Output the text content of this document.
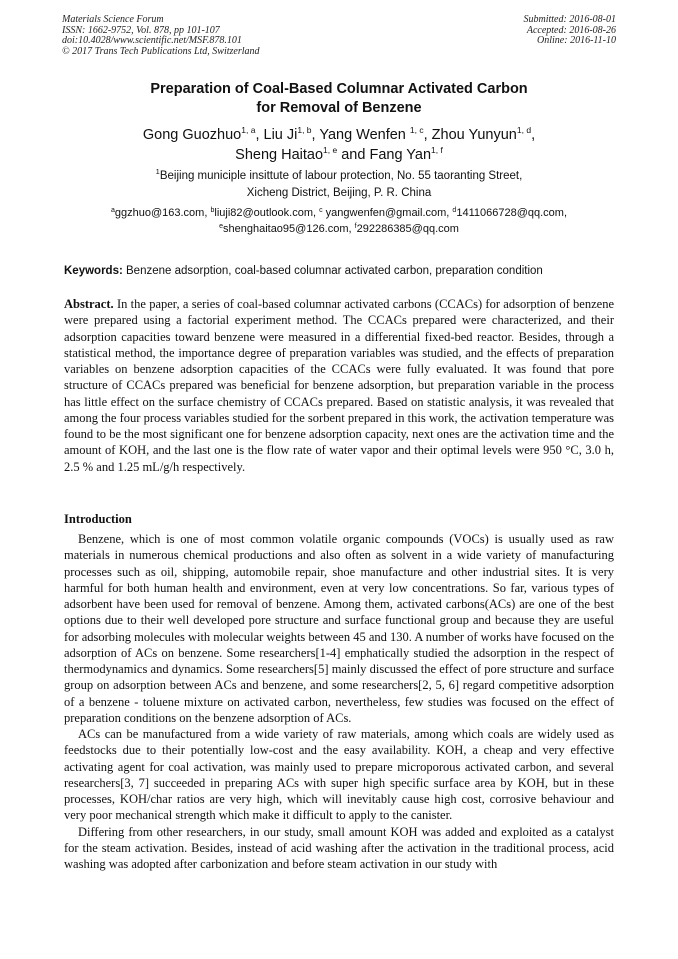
Materials Science Forum
ISSN: 1662-9752, Vol. 878, pp 101-107
doi:10.4028/www.scientific.net/MSF.878.101
© 2017 Trans Tech Publications Ltd, Switzerland
Submitted: 2016-08-01
Accepted: 2016-08-26
Online: 2016-11-10
Preparation of Coal-Based Columnar Activated Carbon
for Removal of Benzene
Gong Guozhuo$^{1, a}$, Liu Ji$^{1, b}$, Yang Wenfen $^{1, c}$, Zhou Yunyun$^{1, d}$,
Sheng Haitao$^{1, e}$ and Fang Yan$^{1, f}$
$^1$Beijing municiple insittute of labour protection, No. 55 taoranting Street,
Xicheng District, Beijing, P. R. China
$^a$ggzhuo@163.com, $^b$liuji82@outlook.com, $^c$ yangwenfen@gmail.com, $^d$1411066728@qq.com,
$^e$shenghaitao95@126.com, $^f$292286385@qq.com
Keywords: Benzene adsorption, coal-based columnar activated carbon, preparation condition
Abstract. In the paper, a series of coal-based columnar activated carbons (CCACs) for adsorption of benzene were prepared using a factorial experiment method. The CCACs prepared were characterized, and their adsorption capacities toward benzene were measured in a differential fixed-bed reactor. Besides, through a statistical method, the importance degree of preparation variables was studied, and the effects of preparation variables on benzene adsorption capacities of the CCACs were fully evaluated. It was found that pore structure of CCACs prepared was beneficial for benzene adsorption, but preparation variable in the process has little effect on the surface chemistry of CCACs prepared. Based on statistic analysis, it was revealed that among the four process variables studied for the sorbent prepared in this work, the activation temperature was found to be the most significant one for benzene adsorption capacity, next ones are the activation time and the amount of KOH, and the last one is the flow rate of water vapor and their optimal levels were 950 °C, 3.0 h, 2.5 % and 1.25 mL/g/h respectively.
Introduction

Benzene, which is one of most common volatile organic compounds (VOCs) is usually used as raw materials in numerous chemical productions and also often as solvent in a wide variety of manufacturing processes such as oil, shipping, automobile repair, shoe manufacture and other industrial sites. It is very harmful for both human health and environment, even at very low concentrations. So far, various types of adsorbent have been used for removal of benzene. Among them, activated carbons(ACs) are one of the best options due to their well developed pore structure and surface functional group and because they are useful for adsorbing molecules with molecular weights between 45 and 130. A number of works have focused on the adsorption of ACs on benzene. Some researchers[1-4] emphatically studied the adsorption in the respect of thermodynamics and dynamics. Some researchers[5] mainly discussed the effect of pore structure and surface group on adsorption between ACs and benzene, and some researchers[2, 5, 6] regard competitive adsorption of a benzene - toluene mixture on activated carbon, nevertheless, few studies was focused on the effect of preparation conditions on the benzene adsorption of ACs.

ACs can be manufactured from a wide variety of raw materials, among which coals are widely used as feedstocks due to their potentially low-cost and the easy availability. KOH, a cheap and very effective activating agent for coal activation, was mainly used to prepare microporous activated carbon, and several researchers[3, 7] succeeded in preparing ACs with super high specific surface area by KOH, but in these processes, KOH/char ratios are very high, which will inevitably cause high cost, corrosive behaviour and very poor mechanical strength which make it difficult to apply to the canister.

Differing from other researchers, in our study, small amount KOH was added and exploited as a catalyst for the steam activation. Besides, instead of acid washing after the activation in the traditional process, acid washing was adopted after carbonization and before steam activation in our study with
